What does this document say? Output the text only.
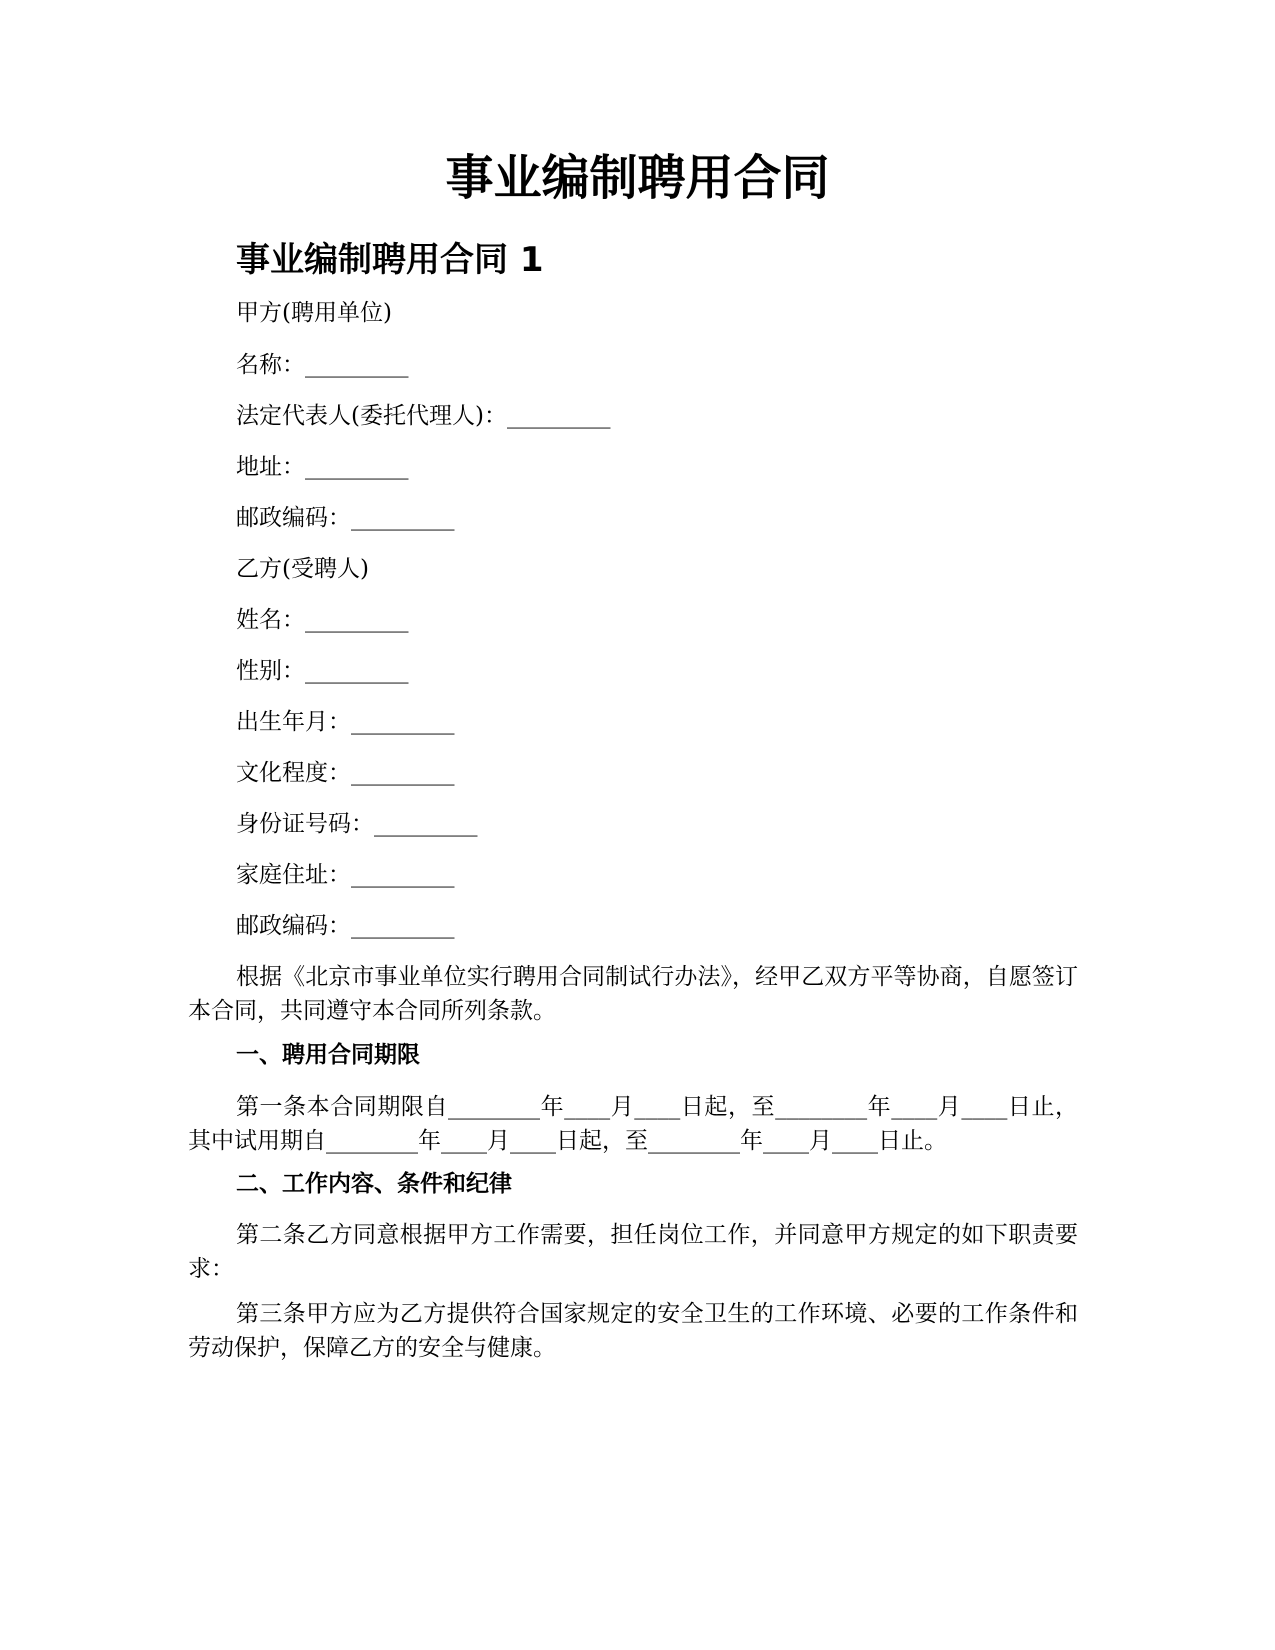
事业编制聘用合同
事业编制聘用合同 1
甲方(聘用单位)
名称：_________
法定代表人(委托代理人)：_________
地址：_________
邮政编码：_________
乙方(受聘人)
姓名：_________
性别：_________
出生年月：_________
文化程度：_________
身份证号码：_________
家庭住址：_________
邮政编码：_________

根据《北京市事业单位实行聘用合同制试行办法》，经甲乙双方平等协商，自愿签订本合同，共同遵守本合同所列条款。

一、聘用合同期限

第一条本合同期限自________年____月____日起，至________年____月____日止，其中试用期自________年____月____日起，至________年____月____日止。

二、工作内容、条件和纪律

第二条乙方同意根据甲方工作需要，担任岗位工作，并同意甲方规定的如下职责要求：

第三条甲方应为乙方提供符合国家规定的安全卫生的工作环境、必要的工作条件和劳动保护，保障乙方的安全与健康。
